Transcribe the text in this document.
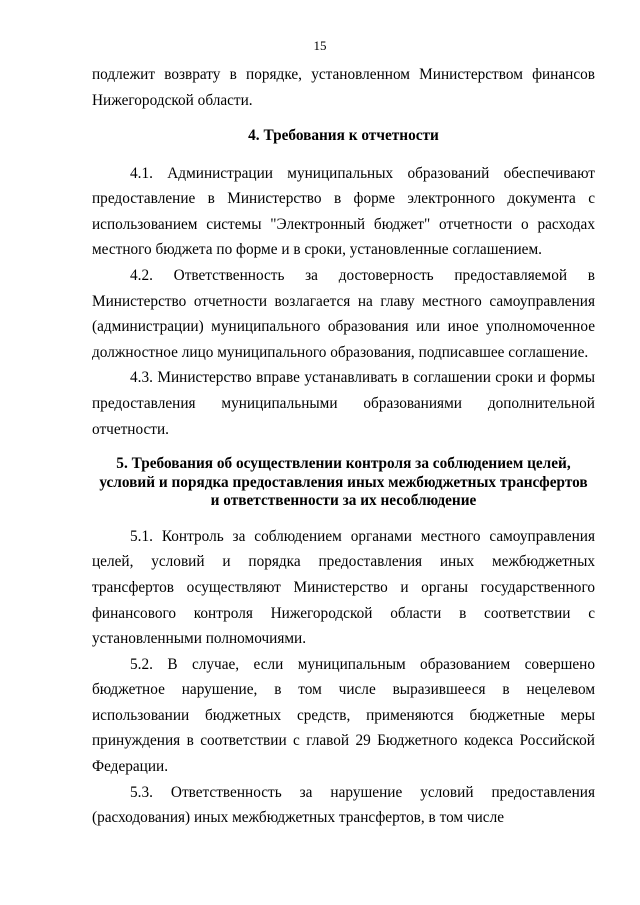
15

подлежит возврату в порядке, установленном Министерством финансов Нижегородской области.

4. Требования к отчетности

4.1. Администрации муниципальных образований обеспечивают предоставление в Министерство в форме электронного документа с использованием системы "Электронный бюджет" отчетности о расходах местного бюджета по форме и в сроки, установленные соглашением.

4.2. Ответственность за достоверность предоставляемой в Министерство отчетности возлагается на главу местного самоуправления (администрации) муниципального образования или иное уполномоченное должностное лицо муниципального образования, подписавшее соглашение.

4.3. Министерство вправе устанавливать в соглашении сроки и формы предоставления муниципальными образованиями дополнительной отчетности.

5. Требования об осуществлении контроля за соблюдением целей,
условий и порядка предоставления иных межбюджетных трансфертов
и ответственности за их несоблюдение

5.1. Контроль за соблюдением органами местного самоуправления целей, условий и порядка предоставления иных межбюджетных трансфертов осуществляют Министерство и органы государственного финансового контроля Нижегородской области в соответствии с установленными полномочиями.

5.2. В случае, если муниципальным образованием совершено бюджетное нарушение, в том числе выразившееся в нецелевом использовании бюджетных средств, применяются бюджетные меры принуждения в соответствии с главой 29 Бюджетного кодекса Российской Федерации.

5.3. Ответственность за нарушение условий предоставления (расходования) иных межбюджетных трансфертов, в том числе
